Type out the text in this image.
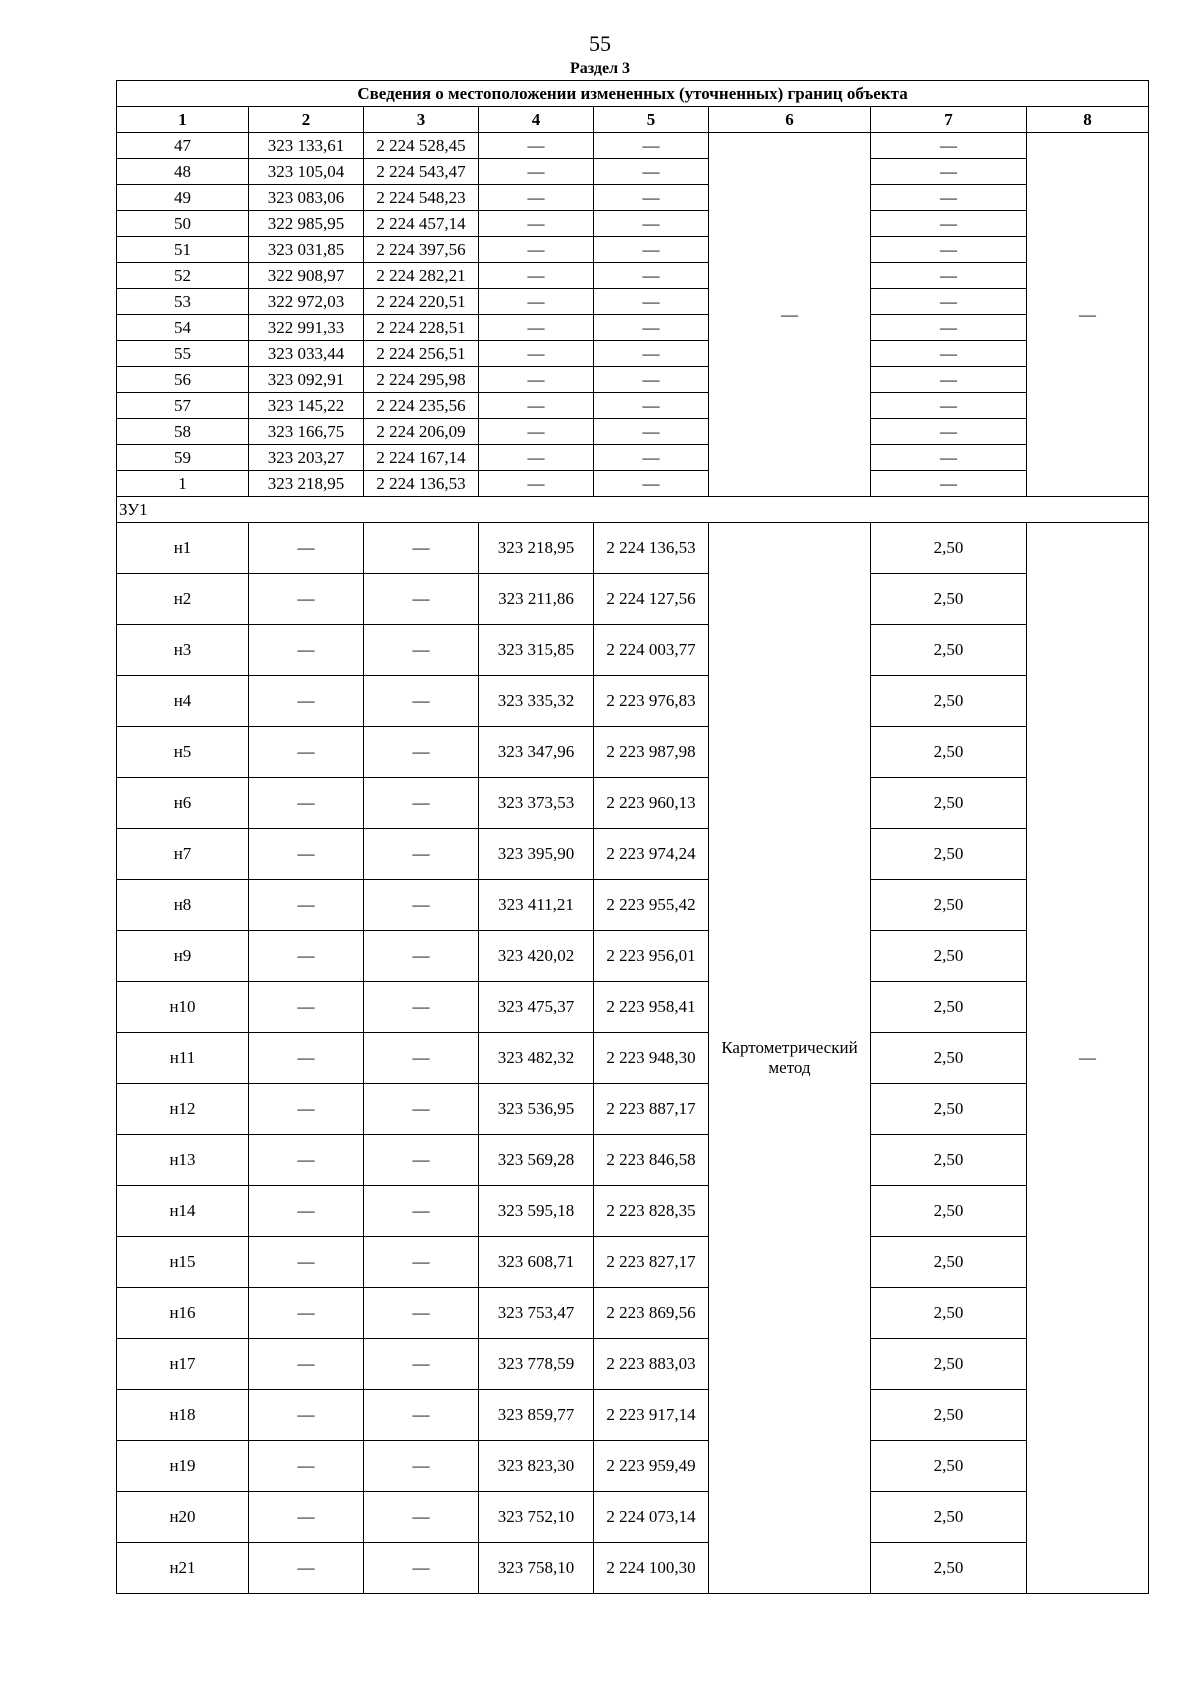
55
Раздел 3
Сведения о местоположении измененных (уточненных) границ объекта							
1	2	3	4	5	6	7	8
47	323 133,61	2 224 528,45	—	—	—	—	—
48	323 105,04	2 224 543,47	—	—		—	
49	323 083,06	2 224 548,23	—	—		—	
50	322 985,95	2 224 457,14	—	—		—	
51	323 031,85	2 224 397,56	—	—		—	
52	322 908,97	2 224 282,21	—	—		—	
53	322 972,03	2 224 220,51	—	—		—	
54	322 991,33	2 224 228,51	—	—		—	
55	323 033,44	2 224 256,51	—	—		—	
56	323 092,91	2 224 295,98	—	—		—	
57	323 145,22	2 224 235,56	—	—		—	
58	323 166,75	2 224 206,09	—	—		—	
59	323 203,27	2 224 167,14	—	—		—	
1	323 218,95	2 224 136,53	—	—		—	
ЗУ1							
н1	—	—	323 218,95	2 224 136,53	Картометрический метод	2,50	—
н2	—	—	323 211,86	2 224 127,56		2,50	
н3	—	—	323 315,85	2 224 003,77		2,50	
н4	—	—	323 335,32	2 223 976,83		2,50	
н5	—	—	323 347,96	2 223 987,98		2,50	
н6	—	—	323 373,53	2 223 960,13		2,50	
н7	—	—	323 395,90	2 223 974,24		2,50	
н8	—	—	323 411,21	2 223 955,42		2,50	
н9	—	—	323 420,02	2 223 956,01		2,50	
н10	—	—	323 475,37	2 223 958,41		2,50	
н11	—	—	323 482,32	2 223 948,30		2,50	
н12	—	—	323 536,95	2 223 887,17		2,50	
н13	—	—	323 569,28	2 223 846,58		2,50	
н14	—	—	323 595,18	2 223 828,35		2,50	
н15	—	—	323 608,71	2 223 827,17		2,50	
н16	—	—	323 753,47	2 223 869,56		2,50	
н17	—	—	323 778,59	2 223 883,03		2,50	
н18	—	—	323 859,77	2 223 917,14		2,50	
н19	—	—	323 823,30	2 223 959,49		2,50	
н20	—	—	323 752,10	2 224 073,14		2,50	
н21	—	—	323 758,10	2 224 100,30		2,50	
